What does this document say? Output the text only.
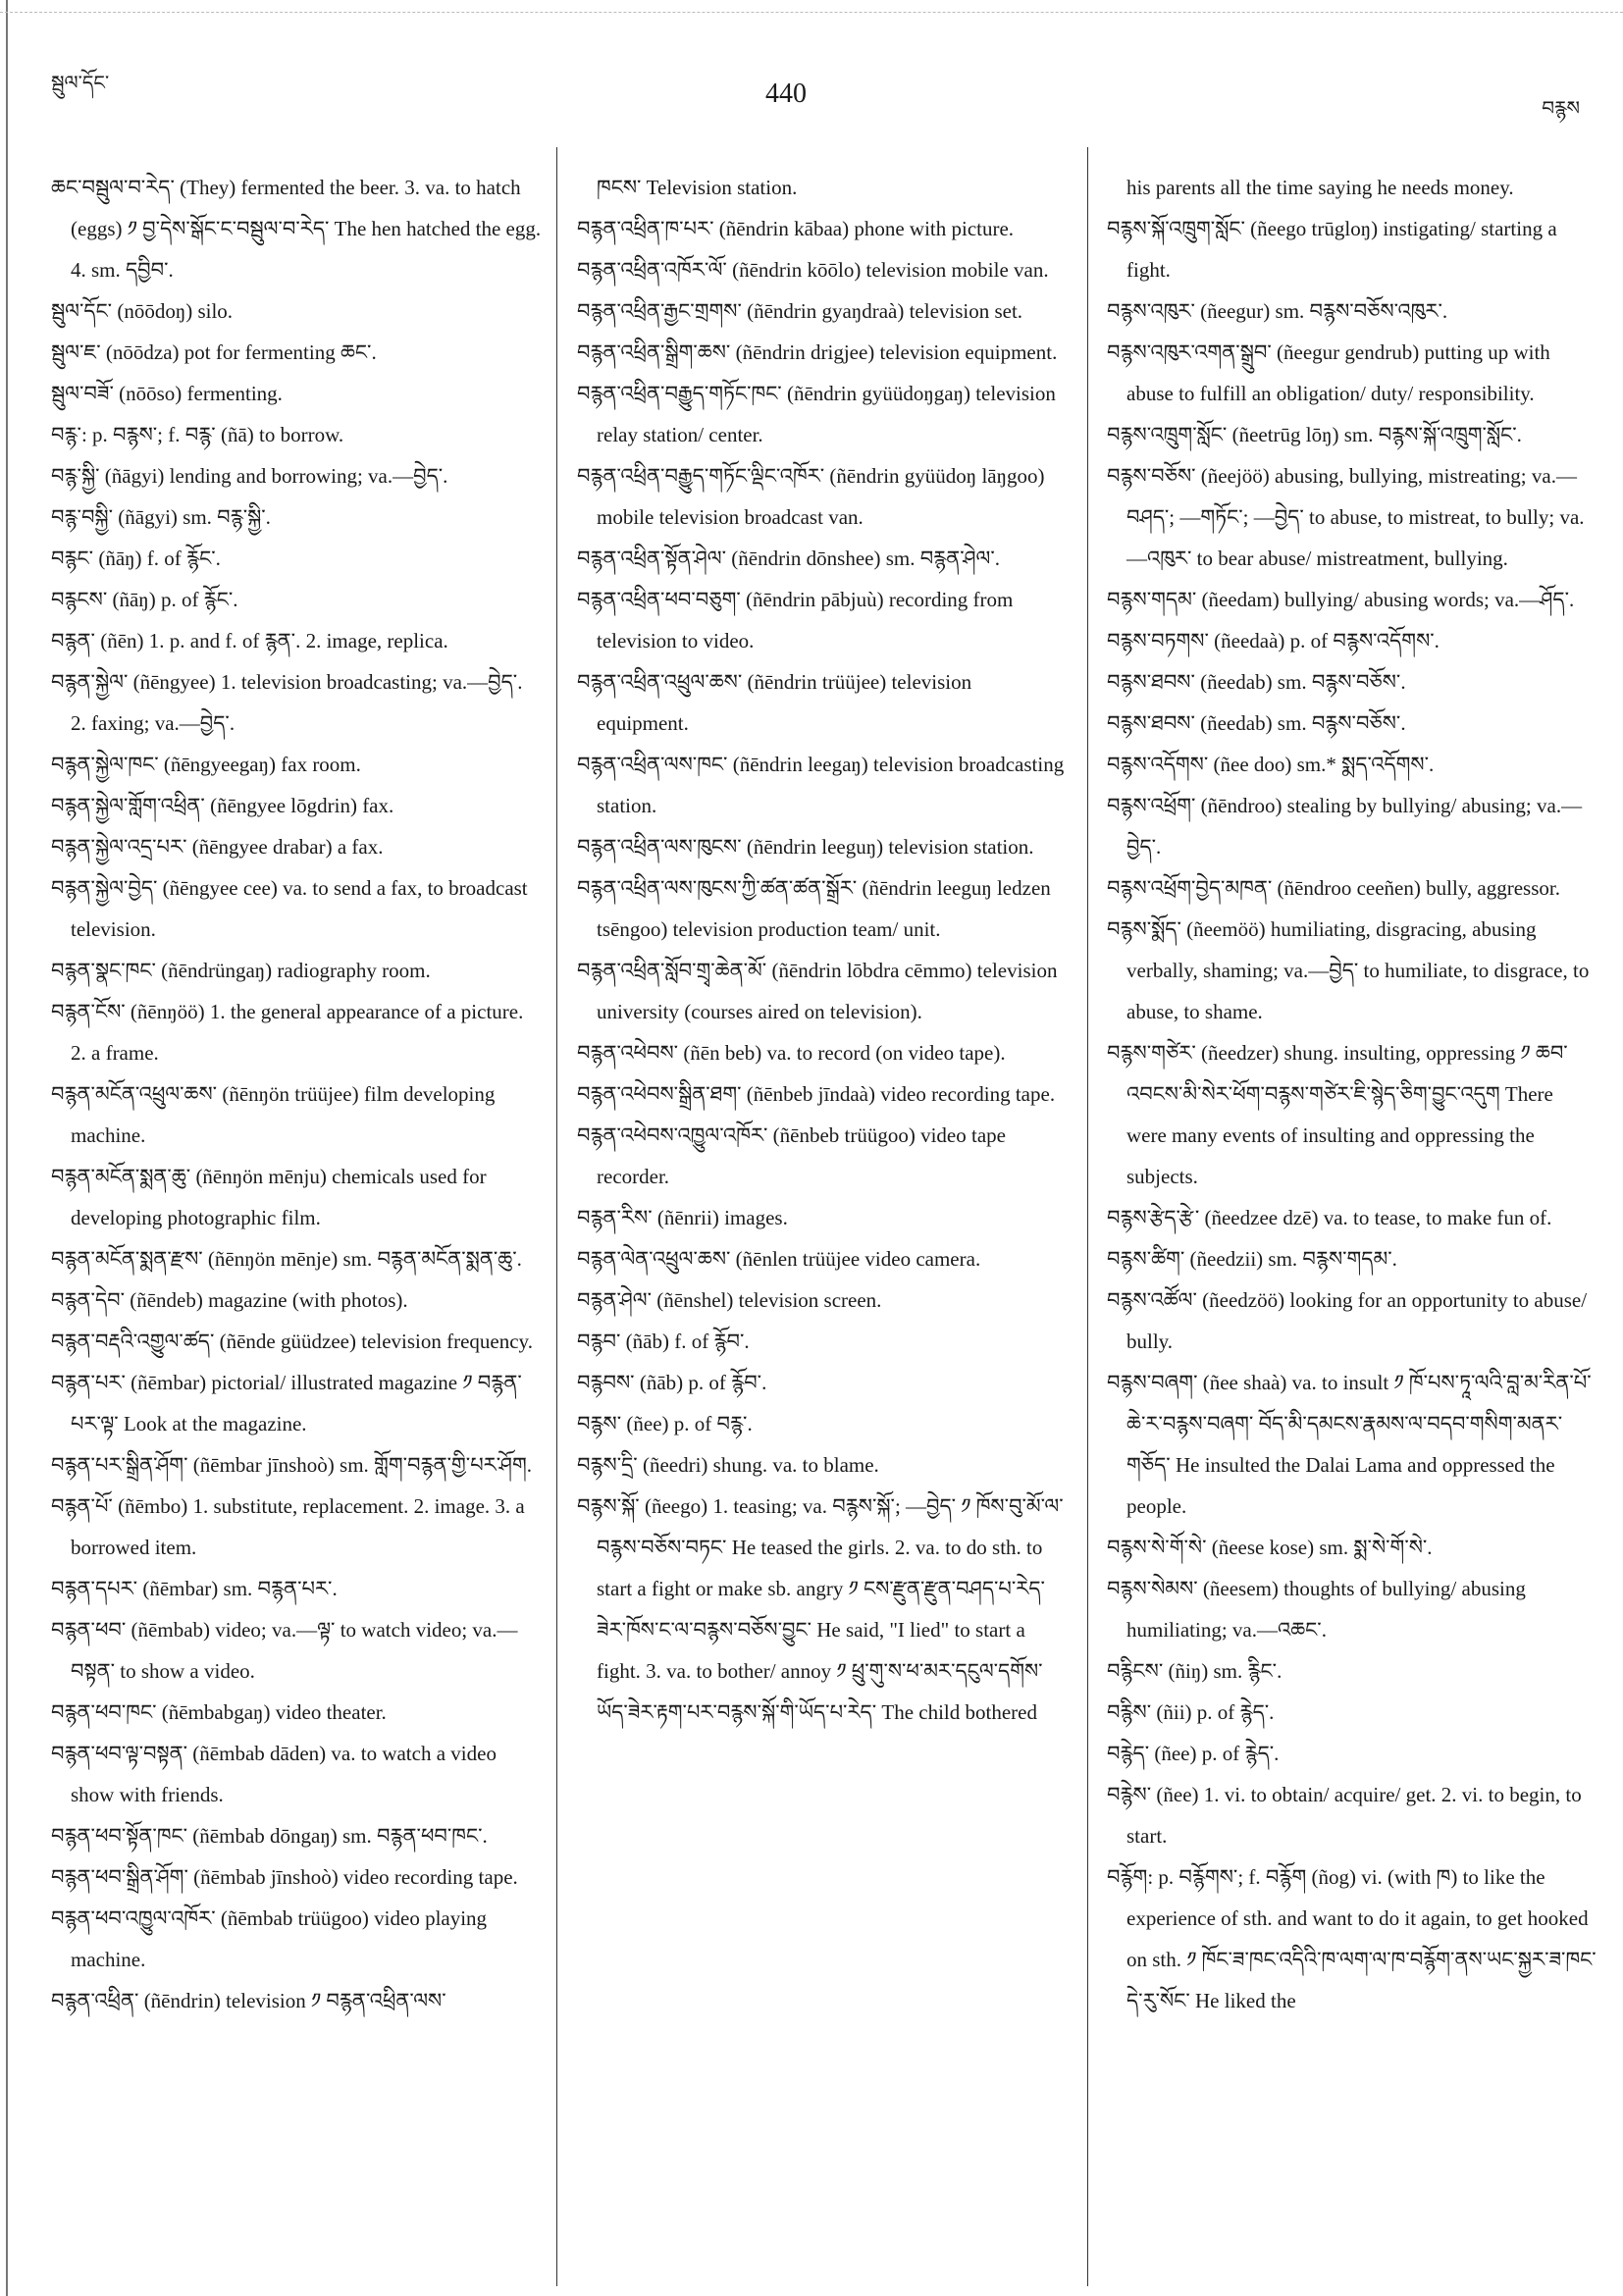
སྦུལ་དོང་	440	བརྙས

ཆང་བསྦུལ་བ་རེད་ (They) fermented the beer. 3. va. to hatch (eggs) ༡ བྱ་དེས་སྒོང་ང་བསྦུལ་བ་རེད་ The hen hatched the egg. 4. sm. དབྱིབ་.

སྦུལ་དོང་ (nōōdoŋ) silo.

སྦུལ་ཇ་ (nōōdza) pot for fermenting ཆང་.

སྦུལ་བཟོ་ (nōōso) fermenting.

བརྙ་: p. བརྙས་; f. བརྙ་ (ñā) to borrow.

བརྙ་སྐྱི་ (ñāgyi) lending and borrowing; va.—བྱེད་.

བརྙ་བསྐྱི་ (ñāgyi) sm. བརྙ་སྐྱི་.

བརྙང་ (ñāŋ) f. of རྙོང་.

བརྙངས་ (ñāŋ) p. of རྙོང་.

བརྙན་ (ñēn) 1. p. and f. of རྙན་. 2. image, replica.

བརྙན་སྐྱེལ་ (ñēngyee) 1. television broadcasting; va.—བྱེད་. 2. faxing; va.—བྱེད་.

བརྙན་སྐྱེལ་ཁང་ (ñēngyeegaŋ) fax room.

བརྙན་སྐྱེལ་གློག་འཕྲིན་ (ñēngyee lōgdrin) fax.

བརྙན་སྐྱེལ་འདྲ་པར་ (ñēngyee drabar) a fax.

བརྙན་སྐྱེལ་བྱེད་ (ñēngyee cee) va. to send a fax, to broadcast television.

བརྙན་སྣང་ཁང་ (ñēndrüngaŋ) radiography room.

བརྙན་ངོས་ (ñēnŋöö) 1. the general appearance of a picture. 2. a frame.

བརྙན་མངོན་འཕྲུལ་ཆས་ (ñēnŋön trüüjee) film developing machine.

བརྙན་མངོན་སྨན་ཆུ་ (ñēnŋön mēnju) chemicals used for developing photographic film.

བརྙན་མངོན་སྨན་རྫས་ (ñēnŋön mēnje) sm. བརྙན་མངོན་སྨན་ཆུ་.

བརྙན་དེབ་ (ñēndeb) magazine (with photos).

བརྙན་བརྡའི་འགྱུལ་ཚད་ (ñēnde güüdzee) television frequency.

བརྙན་པར་ (ñēmbar) pictorial/ illustrated magazine ༡ བརྙན་པར་ལྟ་ Look at the magazine.

བརྙན་པར་སྒྲིན་ཤོག་ (ñēmbar jīnshoò) sm. གློག་བརྙན་གྱི་པར་ཤོག.

བརྙན་པོ་ (ñēmbo) 1. substitute, replacement. 2. image. 3. a borrowed item.

བརྙན་དཔར་ (ñēmbar) sm. བརྙན་པར་.

བརྙན་ཕབ་ (ñēmbab) video; va.—ལྟ་ to watch video; va.—བསྟན་ to show a video.

བརྙན་ཕབ་ཁང་ (ñēmbabgaŋ) video theater.

བརྙན་ཕབ་ལྟ་བསྟན་ (ñēmbab dāden) va. to watch a video show with friends.

བརྙན་ཕབ་སྟོན་ཁང་ (ñēmbab dōngaŋ) sm. བརྙན་ཕབ་ཁང་.

བརྙན་ཕབ་སྒྲིན་ཤོག་ (ñēmbab jīnshoò) video recording tape.

བརྙན་ཕབ་འཁྱུལ་འཁོར་ (ñēmbab trüügoo) video playing machine.

བརྙན་འཕྲིན་ (ñēndrin) television ༡ བརྙན་འཕྲིན་ལས་

ཁངས་ Television station.

བརྙན་འཕྲིན་ཁ་པར་ (ñēndrin kābaa) phone with picture.

བརྙན་འཕྲིན་འཁོར་ལོ་ (ñēndrin kōōlo) television mobile van.

བརྙན་འཕྲིན་རྒྱང་གྲགས་ (ñēndrin gyaŋdraà) television set.

བརྙན་འཕྲིན་སྒྲིག་ཆས་ (ñēndrin drigjee) television equipment.

བརྙན་འཕྲིན་བརྒྱུད་གཏོང་ཁང་ (ñēndrin gyüüdoŋgaŋ) television relay station/ center.

བརྙན་འཕྲིན་བརྒྱུད་གཏོང་ལྡིང་འཁོར་ (ñēndrin gyüüdoŋ lāŋgoo) mobile television broadcast van.

བརྙན་འཕྲིན་སྟོན་ཤེལ་ (ñēndrin dōnshee) sm. བརྙན་ཤེལ་.

བརྙན་འཕྲིན་ཕབ་བཅུག་ (ñēndrin pābjuù) recording from television to video.

བརྙན་འཕྲིན་འཕྲུལ་ཆས་ (ñēndrin trüüjee) television equipment.

བརྙན་འཕྲིན་ལས་ཁང་ (ñēndrin leegaŋ) television broadcasting station.

བརྙན་འཕྲིན་ལས་ཁུངས་ (ñēndrin leeguŋ) television station.

བརྙན་འཕྲིན་ལས་ཁུངས་ཀྱི་ཚན་ཚན་སྒྲོར་ (ñēndrin leeguŋ ledzen tsēngoo) television production team/ unit.

བརྙན་འཕྲིན་སློབ་གྲྭ་ཆེན་མོ་ (ñēndrin lōbdra cēmmo) television university (courses aired on television).

བརྙན་འཕེབས་ (ñēn beb) va. to record (on video tape).

བརྙན་འཕེབས་སྒྲིན་ཐག་ (ñēnbeb jīndaà) video recording tape.

བརྙན་འཕེབས་འཁྱུལ་འཁོར་ (ñēnbeb trüügoo) video tape recorder.

བརྙན་རིས་ (ñēnrii) images.

བརྙན་ལེན་འཕྲུལ་ཆས་ (ñēnlen trüüjee video camera.

བརྙན་ཤེལ་ (ñēnshel) television screen.

བརྙབ་ (ñāb) f. of རྙོབ་.

བརྙབས་ (ñāb) p. of རྙོབ་.

བརྙས་ (ñee) p. of བརྙ་.

བརྙས་དྲི་ (ñeedri) shung. va. to blame.

བརྙས་སྐོ་ (ñeego) 1. teasing; va. བརྙས་སྐོ་; —བྱེད་ ༡ ཁོས་བུ་མོ་ལ་བརྙས་བཅོས་བཏང་ He teased the girls. 2. va. to do sth. to start a fight or make sb. angry ༡ ངས་རྫུན་རྫུན་བཤད་པ་རེད་ཟེར་ཁོས་ང་ལ་བརྙས་བཅོས་བྱུང་ He said, "I lied" to start a fight. 3. va. to bother/ annoy ༡ ཕྲུ་གུ་ས་ཕ་མར་དངུལ་དགོས་ཡོད་ཟེར་རྟག་པར་བརྙས་སྐོ་གི་ཡོད་པ་རེད་ The child bothered

his parents all the time saying he needs money.

བརྙས་སྐོ་འཁྲུག་སློང་ (ñeego trūgloŋ) instigating/ starting a fight.

བརྙས་འཁུར་ (ñeegur) sm. བརྙས་བཅོས་འཁུར་.

བརྙས་འཁུར་འགན་སྒྲུབ་ (ñeegur gendrub) putting up with abuse to fulfill an obligation/ duty/ responsibility.

བརྙས་འཁྲུག་སློང་ (ñeetrūg lōŋ) sm. བརྙས་སྐོ་འཁྲུག་སློང་.

བརྙས་བཅོས་ (ñeejöö) abusing, bullying, mistreating; va.—བཤད་; —གཏོང་; —བྱེད་ to abuse, to mistreat, to bully; va.—འཁུར་ to bear abuse/ mistreatment, bullying.

བརྙས་གདམ་ (ñeedam) bullying/ abusing words; va.—ཤོད་.

བརྙས་བཏགས་ (ñeedaà) p. of བརྙས་འདོགས་.

བརྙས་ཐབས་ (ñeedab) sm. བརྙས་བཅོས་.

བརྙས་ཐབས་ (ñeedab) sm. བརྙས་བཅོས་.

བརྙས་འདོགས་ (ñee doo) sm.* སྨད་འདོགས་.

བརྙས་འཕྲོག་ (ñēndroo) stealing by bullying/ abusing; va.—བྱེད་.

བརྙས་འཕྲོག་བྱེད་མཁན་ (ñēndroo ceeñen) bully, aggressor.

བརྙས་སྨོད་ (ñeemöö) humiliating, disgracing, abusing verbally, shaming; va.—བྱེད་ to humiliate, to disgrace, to abuse, to shame.

བརྙས་གཙེར་ (ñeedzer) shung. insulting, oppressing ༡ ཆབ་འབངས་མི་སེར་ཕོག་བརྙས་གཙེར་ཇི་སྙེད་ཅིག་བྱུང་འདུག There were many events of insulting and oppressing the subjects.

བརྙས་རྩེད་རྩེ་ (ñeedzee dzē) va. to tease, to make fun of.

བརྙས་ཚིག་ (ñeedzii) sm. བརྙས་གདམ་.

བརྙས་འཚོལ་ (ñeedzöö) looking for an opportunity to abuse/ bully.

བརྙས་བཞག་ (ñee shaà) va. to insult ༡ ཁོ་པས་ཏཱ་ལའི་བླ་མ་རིན་པོ་ཆེ་ར་བརྙས་བཞག་ བོད་མི་དམངས་རྣམས་ལ་བདབ་གསིག་མནར་གཅོད་ He insulted the Dalai Lama and oppressed the people.

བརྙས་སེ་གོ་སེ་ (ñeese kose) sm. སྨ་སེ་གོ་སེ་.

བརྙས་སེམས་ (ñeesem) thoughts of bullying/ abusing humiliating; va.—འཆང་.

བརྙིངས་ (ñiŋ) sm. རྙིང་.

བརྙིས་ (ñii) p. of རྙེད་.

བརྙེད་ (ñee) p. of རྙེད་.

བརྙེས་ (ñee) 1. vi. to obtain/ acquire/ get. 2. vi. to begin, to start.

བརྙོག: p. བརྙོགས་; f. བརྙོག (ñog) vi. (with ཁ) to like the experience of sth. and want to do it again, to get hooked on sth. ༡ ཁོང་ཟ་ཁང་འདིའི་ཁ་ལག་ལ་ཁ་བརྙོག་ནས་ཡང་སྐྱར་ཟ་ཁང་དེ་རུ་སོང་ He liked the
